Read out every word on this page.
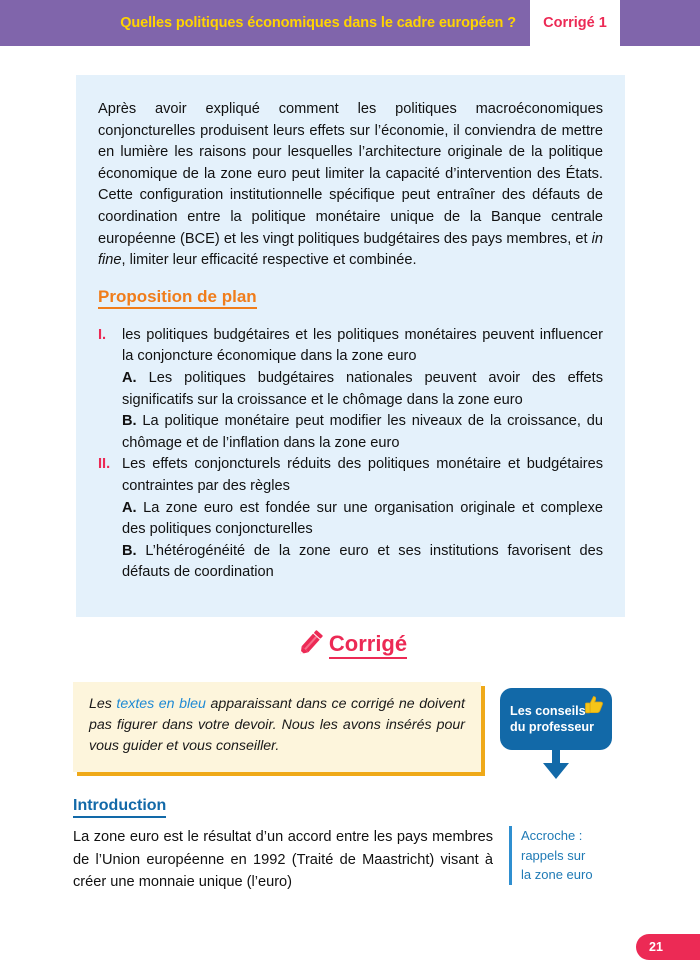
Quelles politiques économiques dans le cadre européen ? Corrigé 1

Après avoir expliqué comment les politiques macroéconomiques conjoncturelles produisent leurs effets sur l’économie, il conviendra de mettre en lumière les raisons pour lesquelles l’architecture originale de la politique économique de la zone euro peut limiter la capacité d’intervention des États. Cette configuration institutionnelle spécifique peut entraîner des défauts de coordination entre la politique monétaire unique de la Banque centrale européenne (BCE) et les vingt politiques budgétaires des pays membres, et in fine, limiter leur efficacité respective et combinée.

Proposition de plan
I.	les politiques budgétaires et les politiques monétaires peuvent influencer la conjoncture économique dans la zone euro
A. Les politiques budgétaires nationales peuvent avoir des effets significatifs sur la croissance et le chômage dans la zone euro
B. La politique monétaire peut modifier les niveaux de la croissance, du chômage et de l’inflation dans la zone euro
II. Les effets conjoncturels réduits des politiques monétaire et budgétaires contraintes par des règles
A. La zone euro est fondée sur une organisation originale et complexe des politiques conjoncturelles
B. L’hétérogénéité de la zone euro et ses institutions favorisent des défauts de coordination
Corrigé

Les textes en bleu apparaissant dans ce corrigé ne doivent pas figurer dans votre devoir. Nous les avons insérés pour vous guider et vous conseiller.

Les conseils
du professeur
Introduction

La zone euro est le résultat d’un accord entre les pays membres de l’Union européenne en 1992 (Traité de Maastricht) visant à créer une monnaie unique (l’euro)

Accroche :
rappels sur
la zone euro
21
